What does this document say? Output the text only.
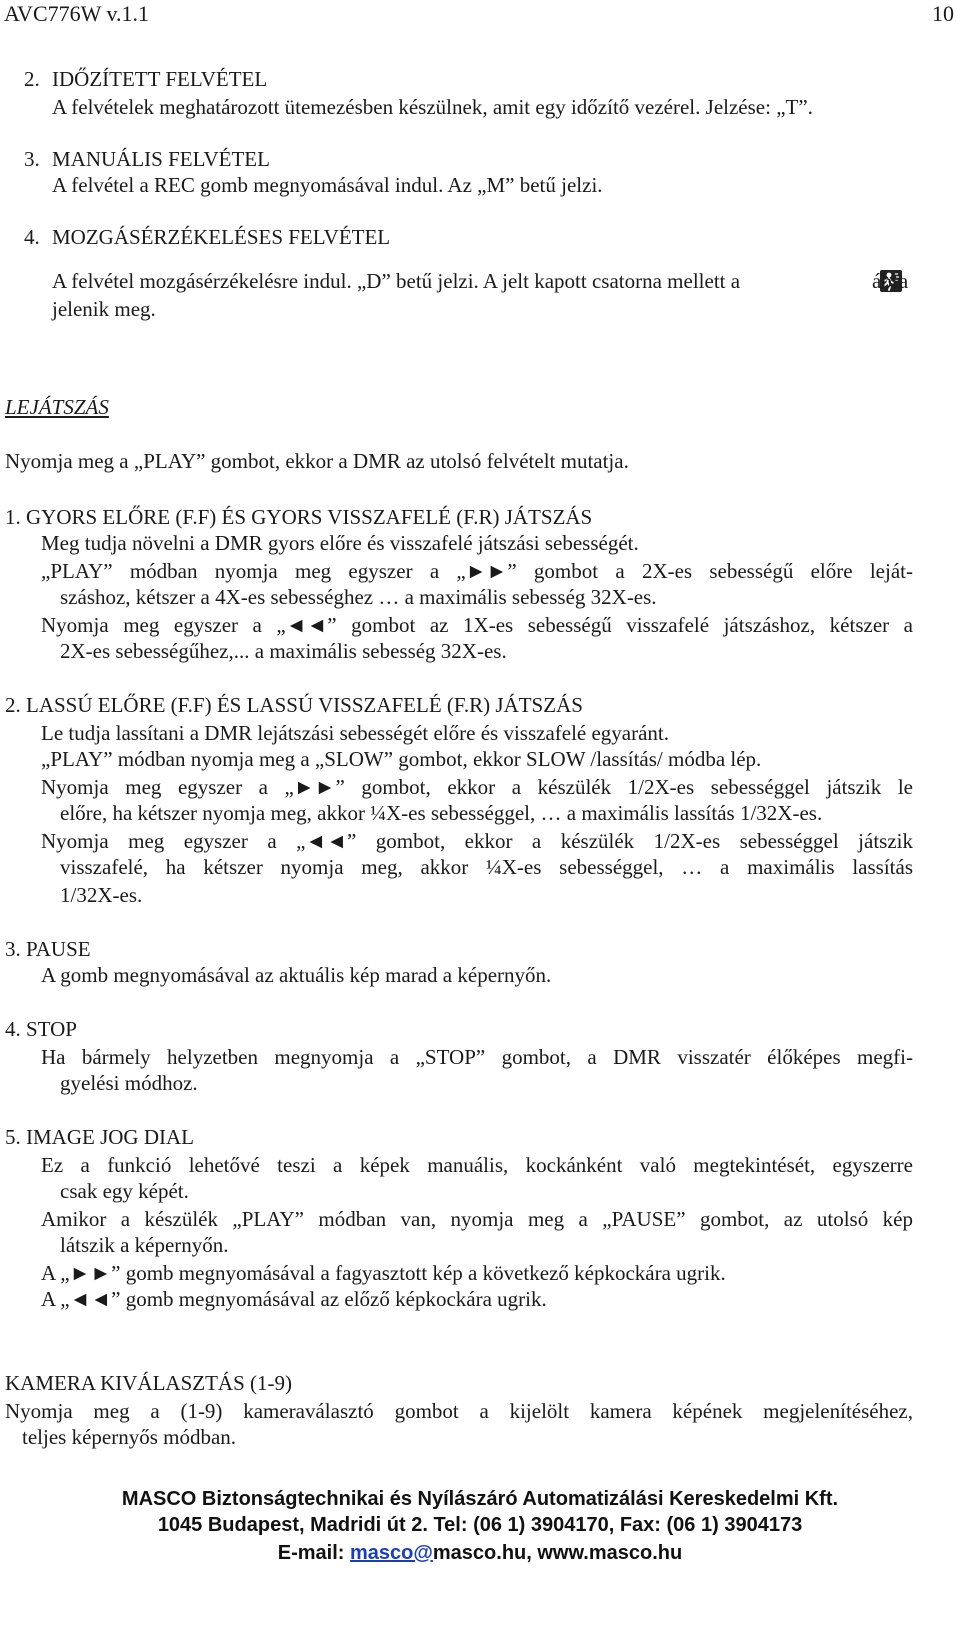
AVC776W v.1.1	10
2. IDŐZÍTETT FELVÉTEL
A felvételek meghatározott ütemezésben készülnek, amit egy időzítő vezérel. Jelzése: „T”.
3. MANUÁLIS FELVÉTEL
A felvétel a REC gomb megnyomásával indul. Az „M” betű jelzi.
4. MOZGÁSÉRZÉKELÉSES FELVÉTEL
A felvétel mozgásérzékelésre indul. „D” betű jelzi. A jelt kapott csatorna mellett a	ábra
jelenik meg.
LEJÁTSZÁS
Nyomja meg a „PLAY” gombot, ekkor a DMR az utolsó felvételt mutatja.
1. GYORS ELŐRE (F.F) ÉS GYORS VISSZAFELÉ (F.R) JÁTSZÁS
Meg tudja növelni a DMR gyors előre és visszafelé játszási sebességét.
„PLAY” módban nyomja meg egyszer a „►►” gombot a 2X-es sebességű előre leját-
száshoz, kétszer a 4X-es sebességhez … a maximális sebesség 32X-es.
Nyomja meg egyszer a „◄◄” gombot az 1X-es sebességű visszafelé játszáshoz, kétszer a
2X-es sebességűhez,... a maximális sebesség 32X-es.
2. LASSÚ ELŐRE (F.F) ÉS LASSÚ VISSZAFELÉ (F.R) JÁTSZÁS
Le tudja lassítani a DMR lejátszási sebességét előre és visszafelé egyaránt.
„PLAY” módban nyomja meg a „SLOW” gombot, ekkor SLOW /lassítás/ módba lép.
Nyomja meg egyszer a „►►” gombot, ekkor a készülék 1/2X-es sebességgel játszik le
előre, ha kétszer nyomja meg, akkor ¼X-es sebességgel, … a maximális lassítás 1/32X-es.
Nyomja meg egyszer a „◄◄” gombot, ekkor a készülék 1/2X-es sebességgel játszik
visszafelé, ha kétszer nyomja meg, akkor ¼X-es sebességgel, … a maximális lassítás
1/32X-es.
3. PAUSE
A gomb megnyomásával az aktuális kép marad a képernyőn.
4. STOP
Ha bármely helyzetben megnyomja a „STOP” gombot, a DMR visszatér élőképes megfi-
gyelési módhoz.
5. IMAGE JOG DIAL
Ez a funkció lehetővé teszi a képek manuális, kockánként való megtekintését, egyszerre
csak egy képét.
Amikor a készülék „PLAY” módban van, nyomja meg a „PAUSE” gombot, az utolsó kép
látszik a képernyőn.
A „►►” gomb megnyomásával a fagyasztott kép a következő képkockára ugrik.
A „◄◄” gomb megnyomásával az előző képkockára ugrik.
KAMERA KIVÁLASZTÁS (1-9)
Nyomja meg a (1-9) kameraválasztó gombot a kijelölt kamera képének megjelenítéséhez,
teljes képernyős módban.
MASCO Biztonságtechnikai és Nyílászáró Automatizálási Kereskedelmi Kft.
1045 Budapest, Madridi út 2. Tel: (06 1) 3904170, Fax: (06 1) 3904173
E-mail: masco@masco.hu, www.masco.hu
